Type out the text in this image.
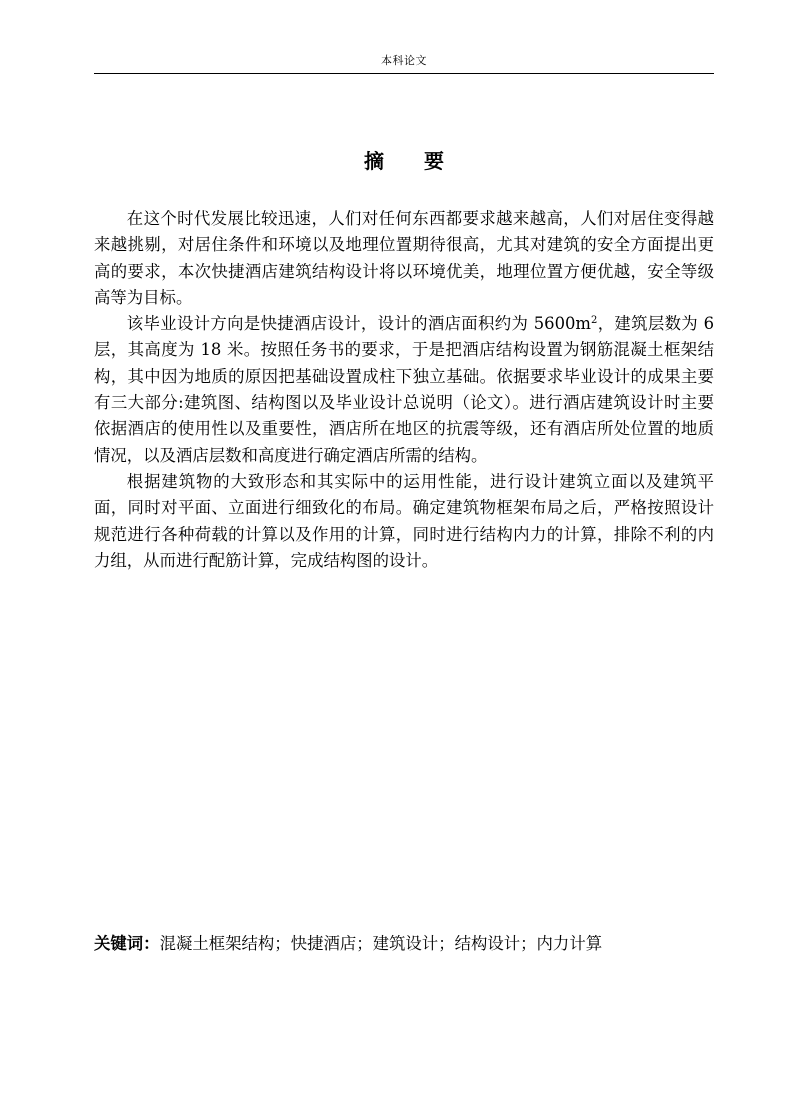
本科论文
摘 要

在这个时代发展比较迅速，人们对任何东西都要求越来越高，人们对居住变得越来越挑剔，对居住条件和环境以及地理位置期待很高，尤其对建筑的安全方面提出更高的要求，本次快捷酒店建筑结构设计将以环境优美，地理位置方便优越，安全等级高等为目标。

该毕业设计方向是快捷酒店设计，设计的酒店面积约为 $5600m^2$，建筑层数为 6 层，其高度为 18 米。按照任务书的要求，于是把酒店结构设置为钢筋混凝土框架结构，其中因为地质的原因把基础设置成柱下独立基础。依据要求毕业设计的成果主要有三大部分:建筑图、结构图以及毕业设计总说明（论文）。进行酒店建筑设计时主要依据酒店的使用性以及重要性，酒店所在地区的抗震等级，还有酒店所处位置的地质情况，以及酒店层数和高度进行确定酒店所需的结构。

根据建筑物的大致形态和其实际中的运用性能，进行设计建筑立面以及建筑平面，同时对平面、立面进行细致化的布局。确定建筑物框架布局之后，严格按照设计规范进行各种荷载的计算以及作用的计算，同时进行结构内力的计算，排除不利的内力组，从而进行配筋计算，完成结构图的设计。

关键词：混凝土框架结构；快捷酒店；建筑设计；结构设计；内力计算
